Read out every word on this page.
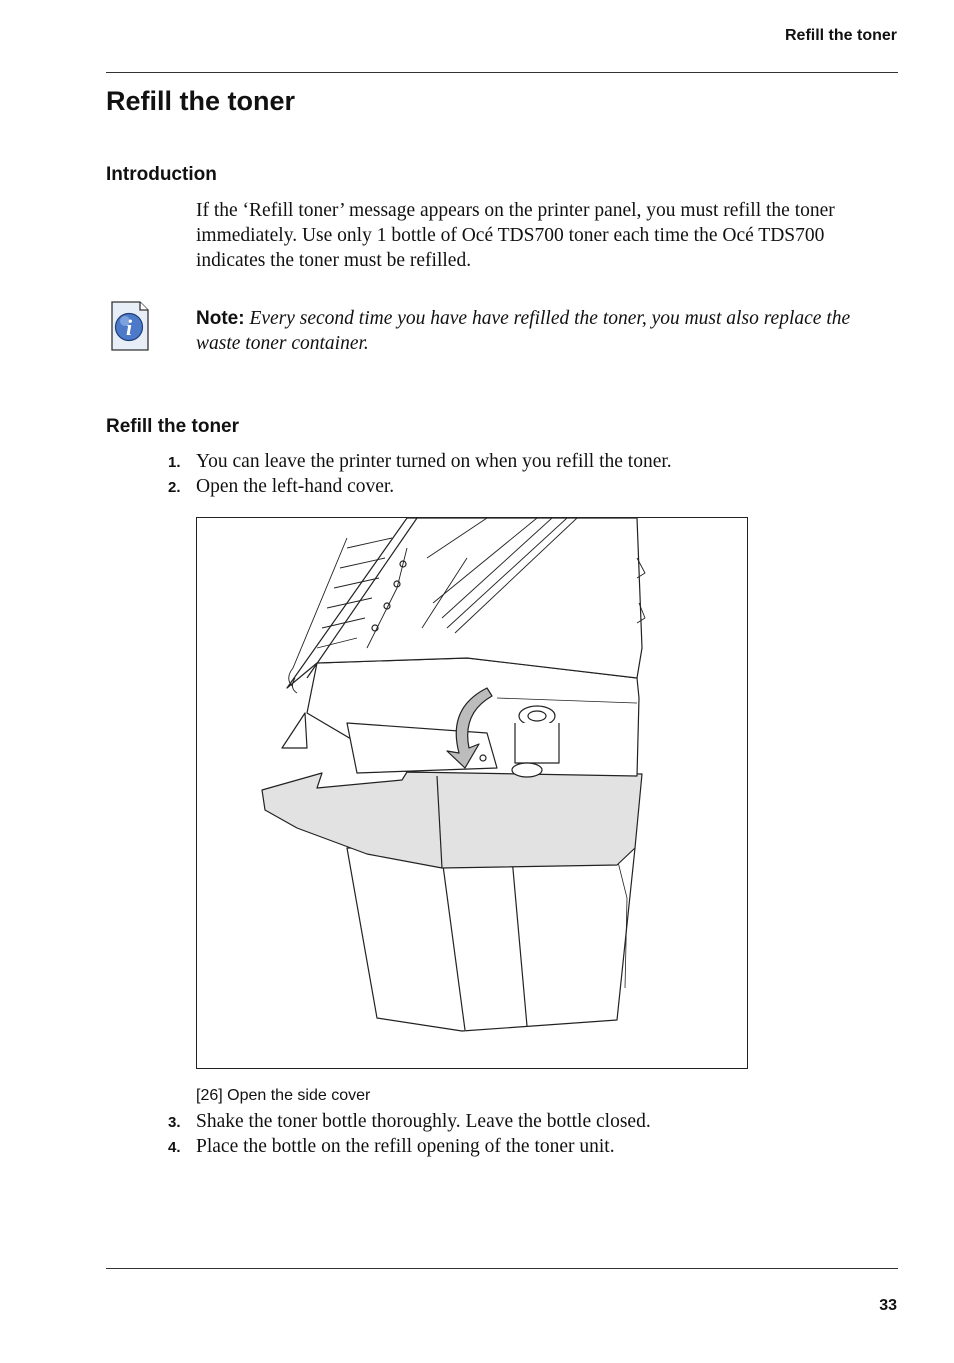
Refill the toner
Refill the toner
Introduction

If the ‘Refill toner’ message appears on the printer panel, you must refill the toner immediately. Use only 1 bottle of Océ TDS700 toner each time the Océ TDS700 indicates the toner must be refilled.

i	Note: Every second time you have have refilled the toner, you must also replace the waste toner container.

Refill the toner
1. You can leave the printer turned on when you refill the toner.
2. Open the left-hand cover.
[26] Open the side cover
3. Shake the toner bottle thoroughly. Leave the bottle closed.
4. Place the bottle on the refill opening of the toner unit.
33
